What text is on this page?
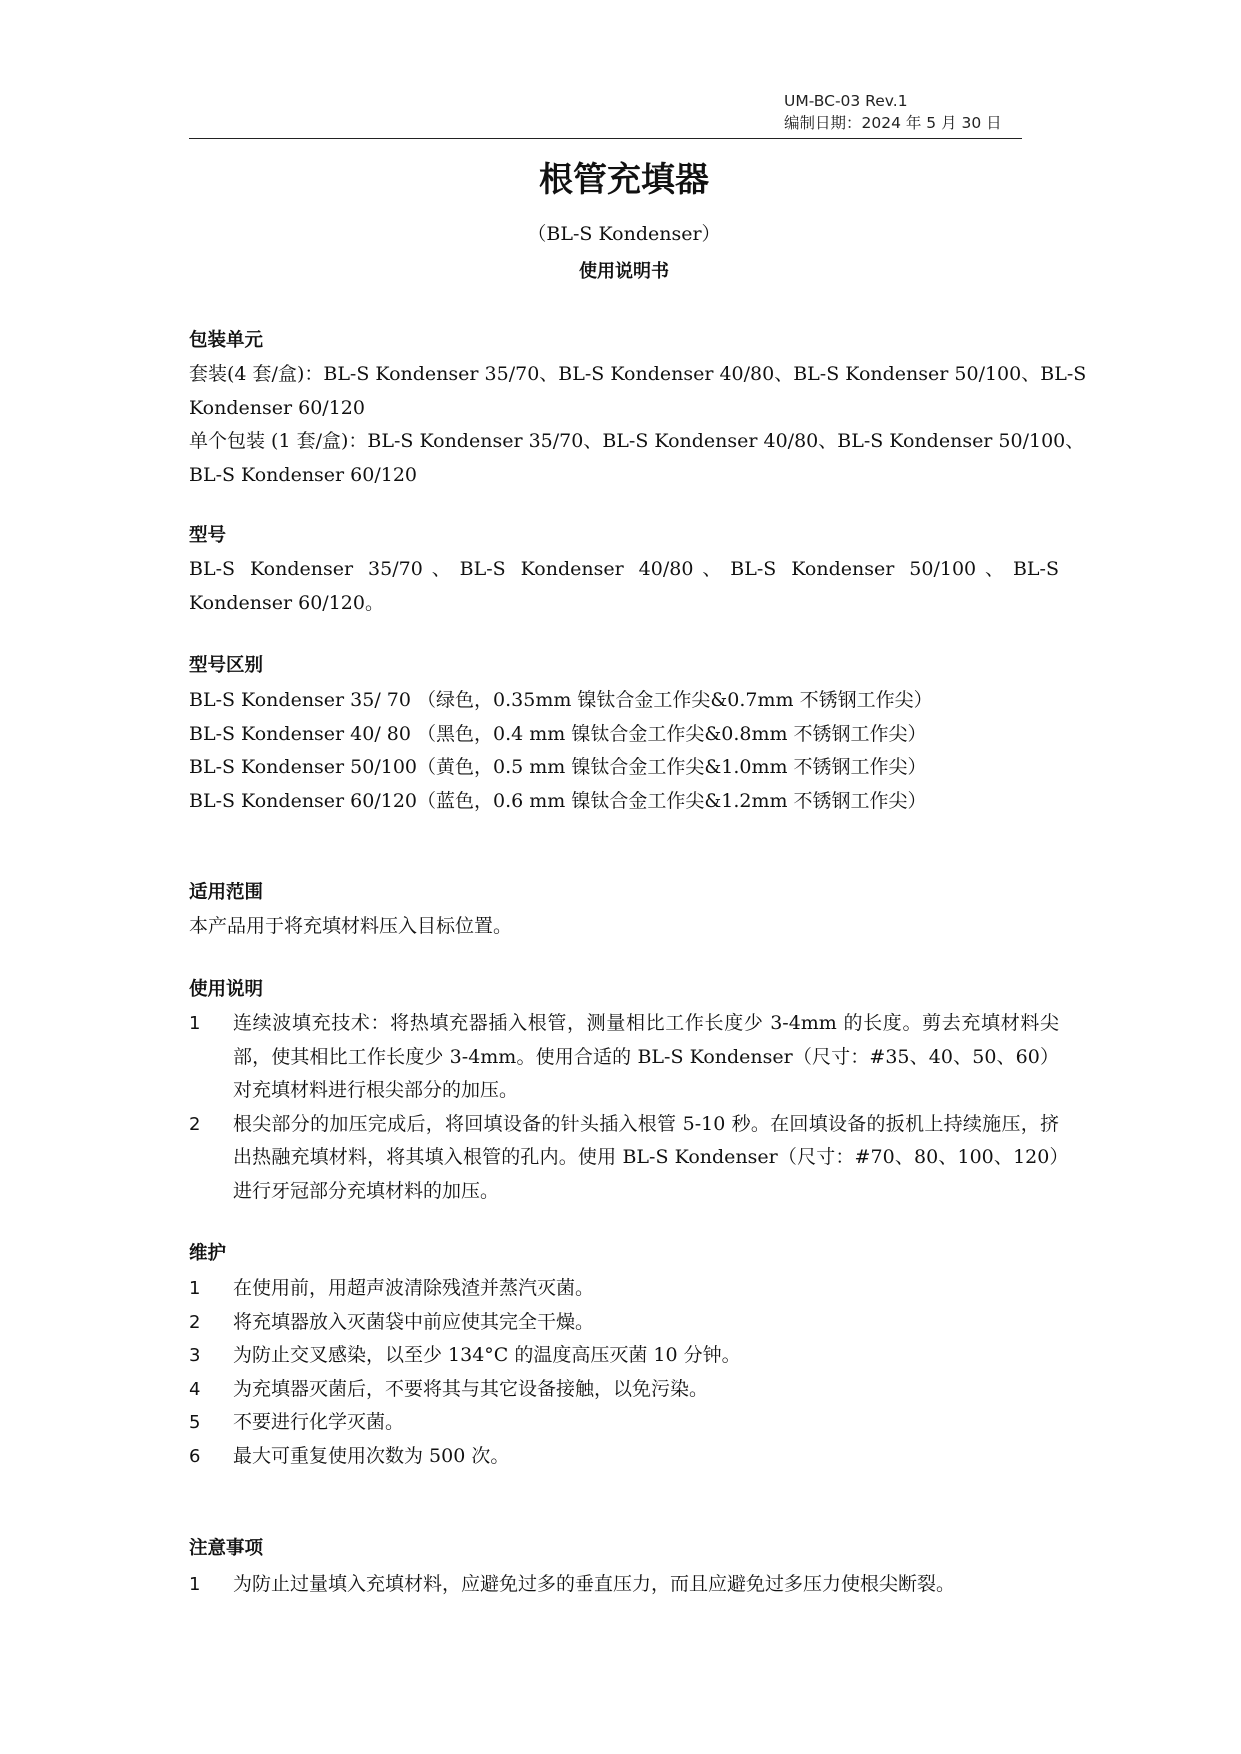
UM-BC-03 Rev.1
编制日期：2024 年 5 月 30 日
根管充填器
（BL-S Kondenser）
使用说明书
包装单元
套装(4 套/盒)：BL-S Kondenser 35/70、BL-S Kondenser 40/80、BL-S Kondenser 50/100、BL-S
Kondenser 60/120
单个包装 (1 套/盒)：BL-S Kondenser 35/70、BL-S Kondenser 40/80、BL-S Kondenser 50/100、
BL-S Kondenser 60/120
型号

BL-S Kondenser 35/70、BL-S Kondenser 40/80、BL-S Kondenser 50/100、BL-S Kondenser 60/120。

型号区别
BL-S Kondenser 35/ 70 （绿色，0.35mm 镍钛合金工作尖&0.7mm 不锈钢工作尖）
BL-S Kondenser 40/ 80 （黑色，0.4 mm 镍钛合金工作尖&0.8mm 不锈钢工作尖）
BL-S Kondenser 50/100（黄色，0.5 mm 镍钛合金工作尖&1.0mm 不锈钢工作尖）
BL-S Kondenser 60/120（蓝色，0.6 mm 镍钛合金工作尖&1.2mm 不锈钢工作尖）
适用范围

本产品用于将充填材料压入目标位置。

使用说明
1 连续波填充技术：将热填充器插入根管，测量相比工作长度少 3-4mm 的长度。剪去充填材料尖部，使其相比工作长度少 3-4mm。使用合适的 BL-S Kondenser（尺寸：#35、40、50、60）对充填材料进行根尖部分的加压。
2 根尖部分的加压完成后，将回填设备的针头插入根管 5-10 秒。在回填设备的扳机上持续施压，挤出热融充填材料，将其填入根管的孔内。使用 BL-S Kondenser（尺寸：#70、80、100、120）进行牙冠部分充填材料的加压。
维护
1 在使用前，用超声波清除残渣并蒸汽灭菌。
2 将充填器放入灭菌袋中前应使其完全干燥。
3 为防止交叉感染，以至少 134°C 的温度高压灭菌 10 分钟。
4 为充填器灭菌后，不要将其与其它设备接触，以免污染。
5 不要进行化学灭菌。
6 最大可重复使用次数为 500 次。
注意事项
1 为防止过量填入充填材料，应避免过多的垂直压力，而且应避免过多压力使根尖断裂。
